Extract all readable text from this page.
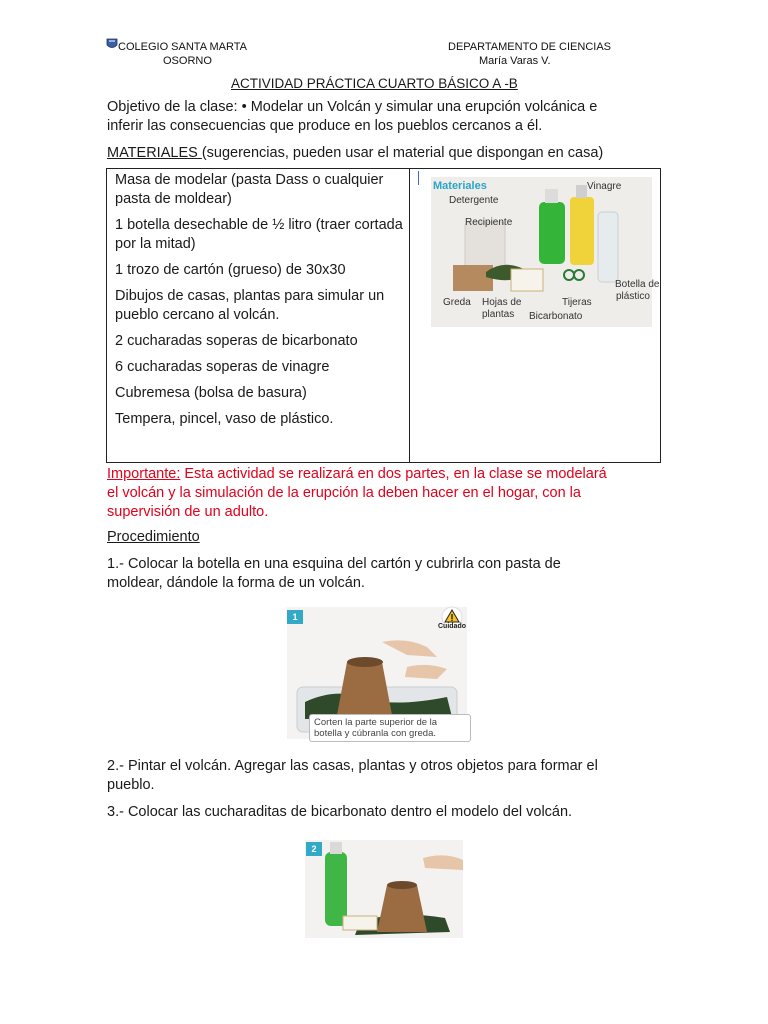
COLEGIO SANTA MARTA
OSORNO
DEPARTAMENTO DE CIENCIAS
María Varas V.
ACTIVIDAD PRÁCTICA CUARTO BÁSICO A -B
Objetivo de la clase: • Modelar un Volcán y simular una erupción volcánica e
inferir las consecuencias que produce en los pueblos cercanos a él.
MATERIALES (sugerencias, pueden usar el material que dispongan en casa)
Masa de modelar (pasta Dass o cualquier pasta de moldear)
1 botella desechable de ½ litro (traer cortada por la mitad)
1 trozo de cartón (grueso) de 30x30
Dibujos de casas, plantas para simular un pueblo cercano al volcán.
2 cucharadas soperas de bicarbonato
6 cucharadas soperas de vinagre
Cubremesa (bolsa de basura)
Tempera, pincel, vaso de plástico.
Materiales
Detergente
Vinagre
Recipiente
Botella de
plástico
Greda Hojas de
plantas
Tijeras
Bicarbonato
Importante: Esta actividad se realizará en dos partes, en la clase se modelará
el volcán y la simulación de la erupción la deben hacer en el hogar, con la
supervisión de un adulto.
Procedimiento
1.- Colocar la botella en una esquina del cartón y cubrirla con pasta de
moldear, dándole la forma de un volcán.
1
Cuidado
Corten la parte superior de la
botella y cúbranla con greda.
2.- Pintar el volcán. Agregar las casas, plantas y otros objetos para formar el
pueblo.
3.- Colocar las cucharaditas de bicarbonato dentro el modelo del volcán.
2
